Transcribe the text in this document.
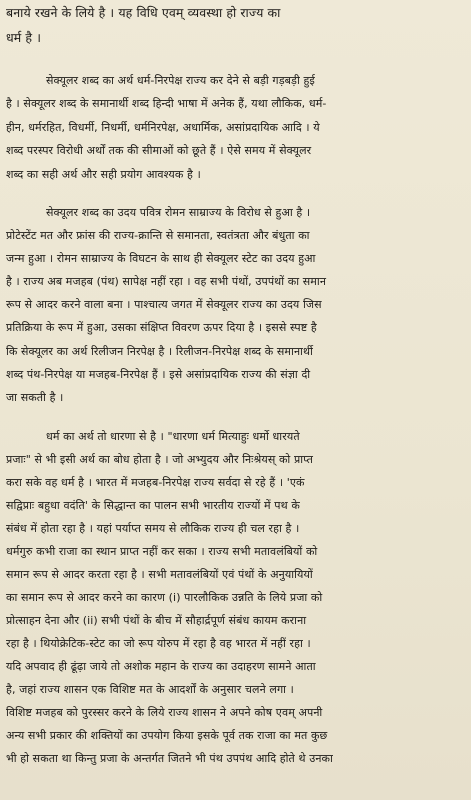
बनाये रखने के लिये है । यह विधि एवम् व्यवस्था हो राज्य का
धर्म है ।
सेक्यूलर शब्द का अर्थ धर्म-निरपेक्ष राज्य कर देने से बड़ी गड़बड़ी हुई
है । सेक्यूलर शब्द के समानार्थी शब्द हिन्दी भाषा में अनेक हैं, यथा लौकिक, धर्म-
हीन, धर्मरहित, विधर्मी, निधर्मी, धर्मनिरपेक्ष, अधार्मिक, असांप्रदायिक आदि । ये
शब्द परस्पर विरोधी अर्थों तक की सीमाओं को छूते हैं । ऐसे समय में सेक्यूलर
शब्द का सही अर्थ और सही प्रयोग आवश्यक है ।
सेक्यूलर शब्द का उदय पवित्र रोमन साम्राज्य के विरोध से हुआ है ।
प्रोटेस्टेंट मत और फ्रांस की राज्य-क्रान्ति से समानता, स्वतंत्रता और बंधुता का
जन्म हुआ । रोमन साम्राज्य के विघटन के साथ ही सेक्यूलर स्टेट का उदय हुआ
है । राज्य अब मजहब (पंथ) सापेक्ष नहीं रहा । वह सभी पंथों, उपपंथों का समान
रूप से आदर करने वाला बना । पाश्चात्य जगत में सेक्यूलर राज्य का उदय जिस
प्रतिक्रिया के रूप में हुआ, उसका संक्षिप्त विवरण ऊपर दिया है । इससे स्पष्ट है
कि सेक्यूलर का अर्थ रिलीजन निरपेक्ष है । रिलीजन-निरपेक्ष शब्द के समानार्थी
शब्द पंथ-निरपेक्ष या मजहब-निरपेक्ष हैं । इसे असांप्रदायिक राज्य की संज्ञा दी
जा सकती है ।
धर्म का अर्थ तो धारणा से है । "धारणा धर्म मित्याहुः धर्मो धारयते
प्रजाः" से भी इसी अर्थ का बोध होता है । जो अभ्युदय और निःश्रेयस् को प्राप्त
करा सके वह धर्म है । भारत में मजहब-निरपेक्ष राज्य सर्वदा से रहे हैं । 'एकं
सद्विप्राः बहुधा वदंति' के सिद्धान्त का पालन सभी भारतीय राज्यों में पथ के
संबंध में होता रहा है । यहां पर्याप्त समय से लौकिक राज्य ही चल रहा है ।
धर्मगुरु कभी राजा का स्थान प्राप्त नहीं कर सका । राज्य सभी मतावलंबियों को
समान रूप से आदर करता रहा है । सभी मतावलंबियों एवं पंथों के अनुयायियों
का समान रूप से आदर करने का कारण (i) पारलौकिक उन्नति के लिये प्रजा को
प्रोत्साहन देना और (ii) सभी पंथों के बीच में सौहार्द्रपूर्ण संबंध कायम कराना
रहा है । थियोक्रेटिक-स्टेट का जो रूप योरुप में रहा है वह भारत में नहीं रहा ।
यदि अपवाद ही ढूंढ़ा जाये तो अशोक महान के राज्य का उदाहरण सामने आता
है, जहां राज्य शासन एक विशिष्ट मत के आदर्शों के अनुसार चलने लगा ।
विशिष्ट मजहब को पुरस्सर करने के लिये राज्य शासन ने अपने कोष एवम् अपनी
अन्य सभी प्रकार की शक्तियों का उपयोग किया इसके पूर्व तक राजा का मत कुछ
भी हो सकता था किन्तु प्रजा के अन्तर्गत जितने भी पंथ उपपंथ आदि होते थे उनका
